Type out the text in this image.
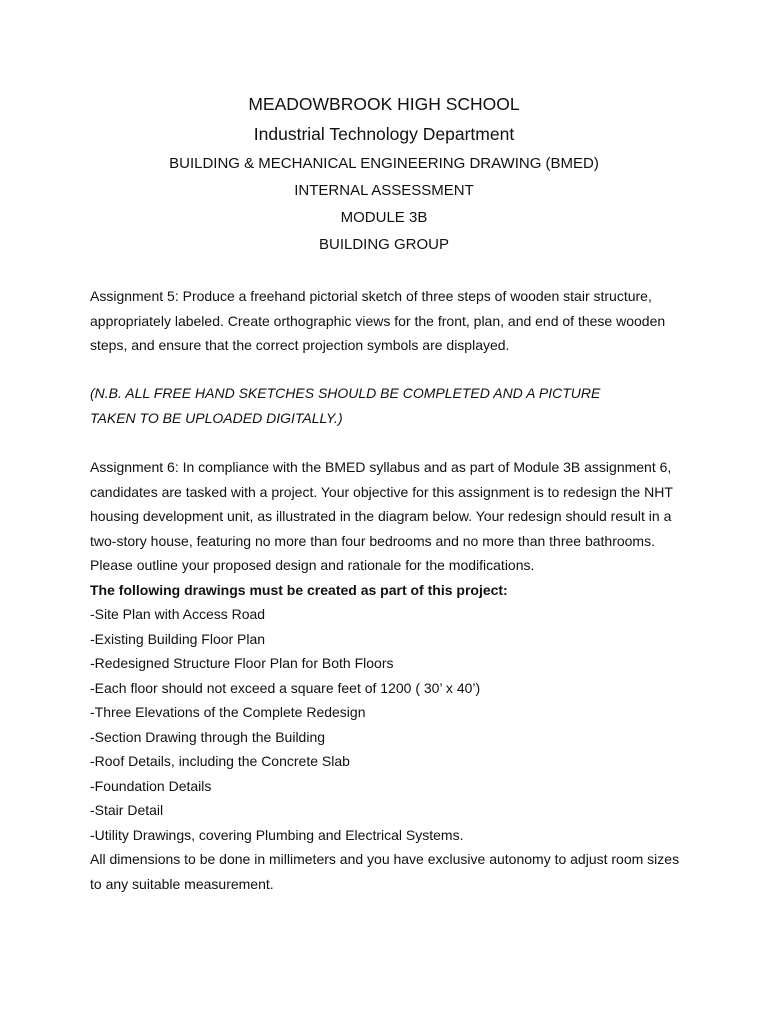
MEADOWBROOK HIGH SCHOOL
Industrial Technology Department
BUILDING & MECHANICAL ENGINEERING DRAWING (BMED)
INTERNAL ASSESSMENT
MODULE 3B
BUILDING GROUP
Assignment 5: Produce a freehand pictorial sketch of three steps of wooden stair structure,
appropriately labeled. Create orthographic views for the front, plan, and end of these wooden
steps, and ensure that the correct projection symbols are displayed.
(N.B. ALL FREE HAND SKETCHES SHOULD BE COMPLETED AND A PICTURE
TAKEN TO BE UPLOADED DIGITALLY.)
Assignment 6: In compliance with the BMED syllabus and as part of Module 3B assignment 6,
candidates are tasked with a project. Your objective for this assignment is to redesign the NHT
housing development unit, as illustrated in the diagram below. Your redesign should result in a
two-story house, featuring no more than four bedrooms and no more than three bathrooms.
Please outline your proposed design and rationale for the modifications.
The following drawings must be created as part of this project:
-Site Plan with Access Road
-Existing Building Floor Plan
-Redesigned Structure Floor Plan for Both Floors
-Each floor should not exceed a square feet of 1200 ( 30’ x 40’)
-Three Elevations of the Complete Redesign
-Section Drawing through the Building
-Roof Details, including the Concrete Slab
-Foundation Details
-Stair Detail
-Utility Drawings, covering Plumbing and Electrical Systems.
All dimensions to be done in millimeters and you have exclusive autonomy to adjust room sizes
to any suitable measurement.
